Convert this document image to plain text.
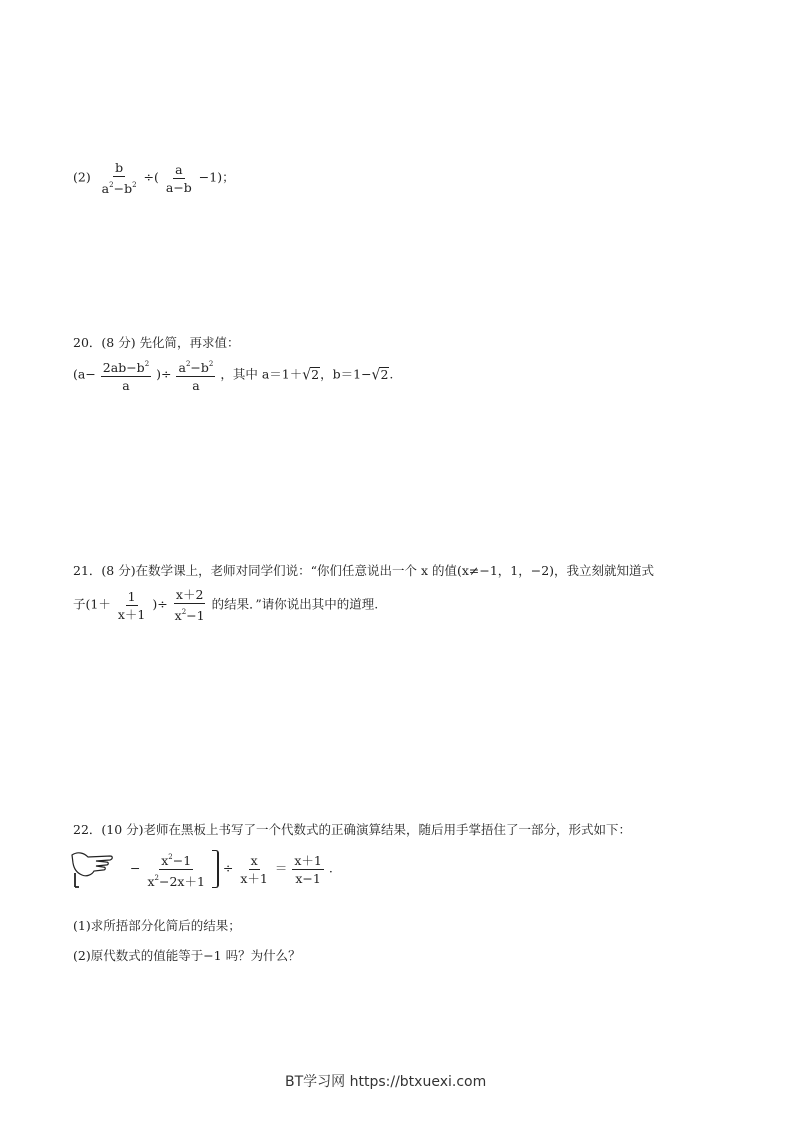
$(2) \frac{b}{a^2-b^2}$ ÷( $\frac{a}{a-b} -1$)；
20．(8 分) 先化简，再求值：
($a- \frac{2ab-b^2}{a}$ )÷ $\frac{a^2-b^2}{a}$ ，其中 a＝1＋√2，b＝1−√2.
21．(8 分)在数学课上，老师对同学们说：“你们任意说出一个 x 的值(x≠−1，1，−2)，我立刻就知道式
子($1+ \frac{1}{x+1}$ )÷ $\frac{x+2}{x^2-1}$ 的结果．”请你说出其中的道理.
22．(10 分)老师在黑板上书写了一个代数式的正确演算结果，随后用手掌捂住了一部分，形式如下：
− $\frac{x^2-1}{x^2-2x+1} \div \frac{x}{x+1} = \frac{x+1}{x-1}$ .
(1)求所捂部分化简后的结果；
(2)原代数式的值能等于−1 吗？为什么？
BT学习网 https://btxuexi.com
